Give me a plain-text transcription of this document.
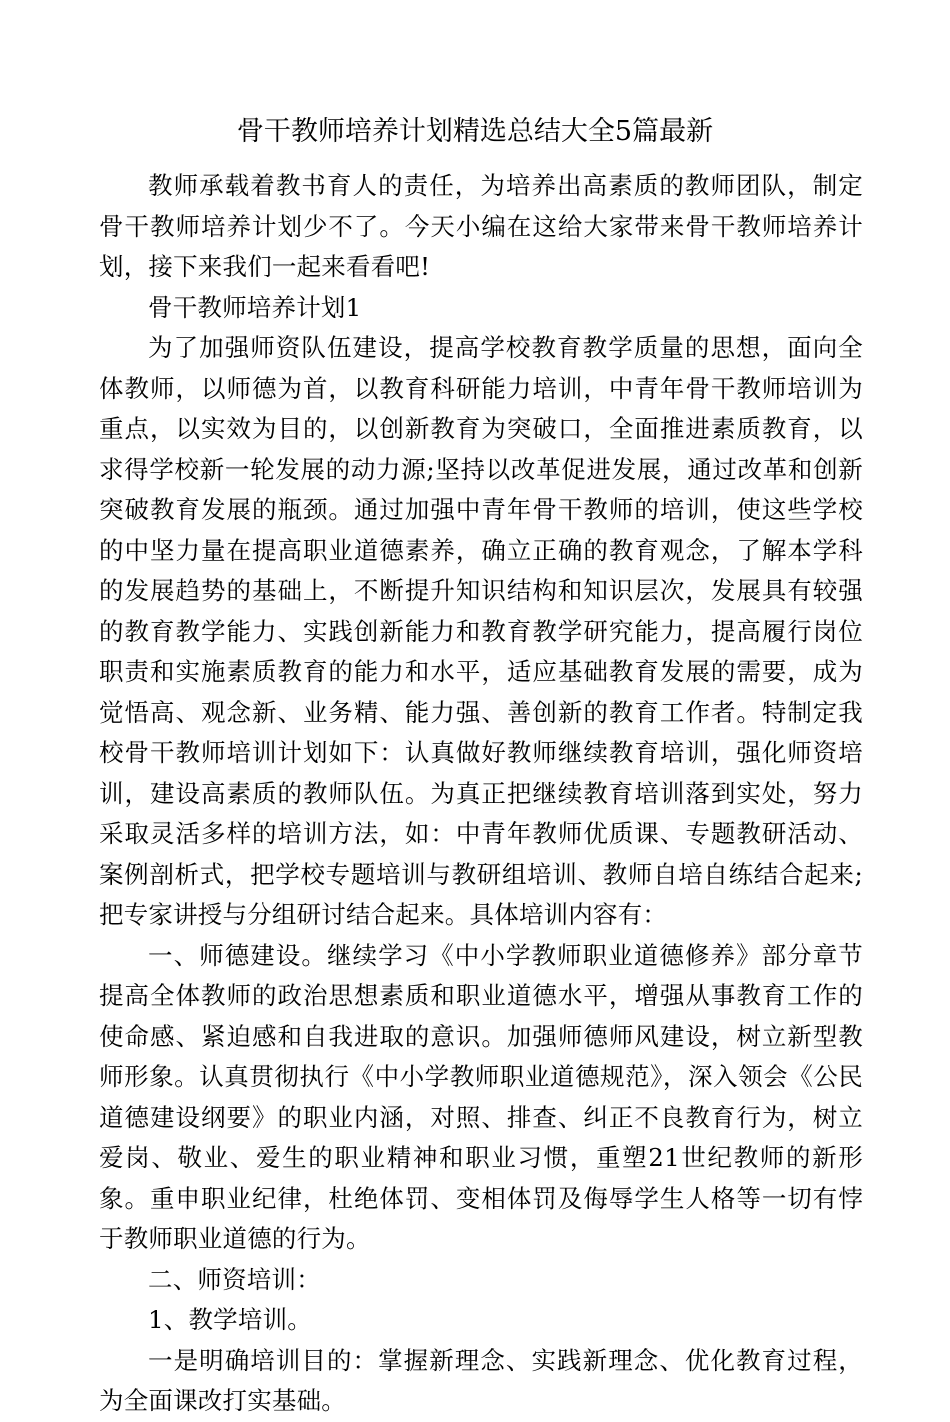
骨干教师培养计划精选总结大全5篇最新

教师承载着教书育人的责任，为培养出高素质的教师团队，制定骨干教师培养计划少不了。今天小编在这给大家带来骨干教师培养计划，接下来我们一起来看看吧!

骨干教师培养计划1

为了加强师资队伍建设，提高学校教育教学质量的思想，面向全体教师，以师德为首，以教育科研能力培训，中青年骨干教师培训为重点，以实效为目的，以创新教育为突破口，全面推进素质教育，以求得学校新一轮发展的动力源;坚持以改革促进发展，通过改革和创新突破教育发展的瓶颈。通过加强中青年骨干教师的培训，使这些学校的中坚力量在提高职业道德素养，确立正确的教育观念，了解本学科的发展趋势的基础上，不断提升知识结构和知识层次，发展具有较强的教育教学能力、实践创新能力和教育教学研究能力，提高履行岗位职责和实施素质教育的能力和水平，适应基础教育发展的需要，成为觉悟高、观念新、业务精、能力强、善创新的教育工作者。特制定我校骨干教师培训计划如下：认真做好教师继续教育培训，强化师资培训，建设高素质的教师队伍。为真正把继续教育培训落到实处，努力采取灵活多样的培训方法，如：中青年教师优质课、专题教研活动、案例剖析式，把学校专题培训与教研组培训、教师自培自练结合起来;把专家讲授与分组研讨结合起来。具体培训内容有：

一、师德建设。继续学习《中小学教师职业道德修养》部分章节提高全体教师的政治思想素质和职业道德水平，增强从事教育工作的使命感、紧迫感和自我进取的意识。加强师德师风建设，树立新型教师形象。认真贯彻执行《中小学教师职业道德规范》，深入领会《公民道德建设纲要》的职业内涵，对照、排查、纠正不良教育行为，树立爱岗、敬业、爱生的职业精神和职业习惯，重塑21世纪教师的新形象。重申职业纪律，杜绝体罚、变相体罚及侮辱学生人格等一切有悖于教师职业道德的行为。

二、师资培训：

1、教学培训。

一是明确培训目的：掌握新理念、实践新理念、优化教育过程，为全面课改打实基础。
